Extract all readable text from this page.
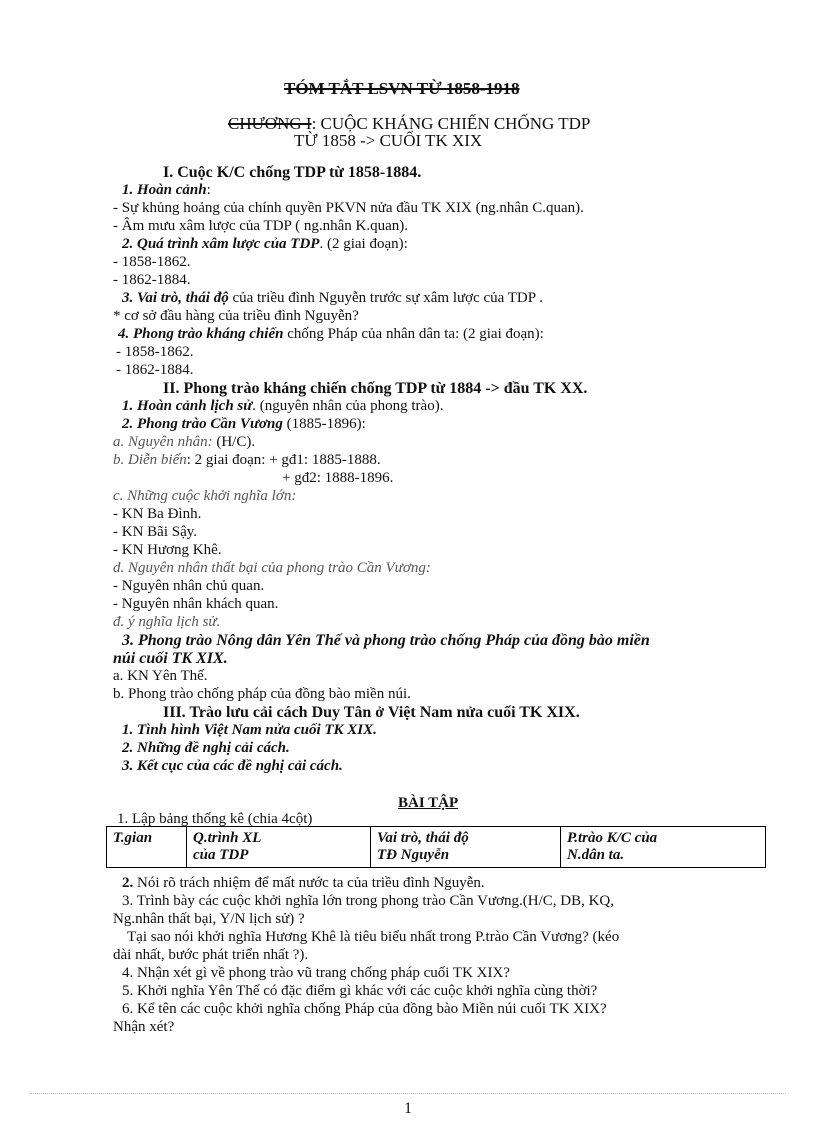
TÓM TẮT LSVN TỪ 1858-1918
CHƯƠNG I: CUỘC KHÁNG CHIẾN CHỐNG TDP
TỪ 1858 -> CUỐI TK XIX
I. Cuộc K/C chống TDP từ 1858-1884.
1. Hoàn cảnh:
- Sự khủng hoảng của chính quyền PKVN nửa đầu TK XIX (ng.nhân C.quan).
- Âm mưu xâm lược của TDP ( ng.nhân K.quan).
2. Quá trình xâm lược của TDP. (2 giai đoạn):
- 1858-1862.
- 1862-1884.
3. Vai trò, thái độ của triều đình Nguyễn trước sự xâm lược của TDP .
* cơ sở đầu hàng của triều đình Nguyễn?
4. Phong trào kháng chiến chống Pháp của nhân dân ta: (2 giai đoạn):
- 1858-1862.
- 1862-1884.
II. Phong trào kháng chiến chống TDP từ 1884 -> đầu TK XX.
1. Hoàn cảnh lịch sử. (nguyên nhân của phong trào).
2. Phong trào Cần Vương (1885-1896):
a. Nguyên nhân: (H/C).
b. Diễn biến: 2 giai đoạn: + gđ1: 1885-1888.
+ gđ2: 1888-1896.
c. Những cuộc khởi nghĩa lớn:
- KN Ba Đình.
- KN Bãi Sậy.
- KN Hương Khê.
d. Nguyên nhân thất bại của phong trào Cần Vương:
- Nguyên nhân chủ quan.
- Nguyên nhân khách quan.
đ. ý nghĩa lịch sử.
3. Phong trào Nông dân Yên Thế và phong trào chống Pháp của đồng bào miền
núi cuối TK XIX.
a. KN Yên Thế.
b. Phong trào chống pháp của đồng bào miền núi.
III. Trào lưu cải cách Duy Tân ở Việt Nam nửa cuối TK XIX.
1. Tình hình Việt Nam nửa cuối TK XIX.
2. Những đề nghị cải cách.
3. Kết cục của các đề nghị cải cách.
BÀI TẬP
1. Lập bảng thống kê (chia 4cột)
T.gian	Q.trình XL
của TDP
Vai trò, thái độ
TĐ Nguyễn
P.trào K/C của
N.dân ta.
2. Nói rõ trách nhiệm để mất nước ta của triều đình Nguyễn.
3. Trình bày các cuộc khởi nghĩa lớn trong phong trào Cần Vương.(H/C, DB, KQ,
Ng.nhân thất bại, Y/N lịch sử) ?
Tại sao nói khởi nghĩa Hương Khê là tiêu biểu nhất trong P.trào Cần Vương? (kéo
dài nhất, bước phát triển nhất ?).
4. Nhận xét gì về phong trào vũ trang chống pháp cuối TK XIX?
5. Khởi nghĩa Yên Thế có đặc điểm gì khác với các cuộc khởi nghĩa cùng thời?
6. Kể tên các cuộc khởi nghĩa chống Pháp của đồng bào Miền núi cuối TK XIX?
Nhận xét?
1
